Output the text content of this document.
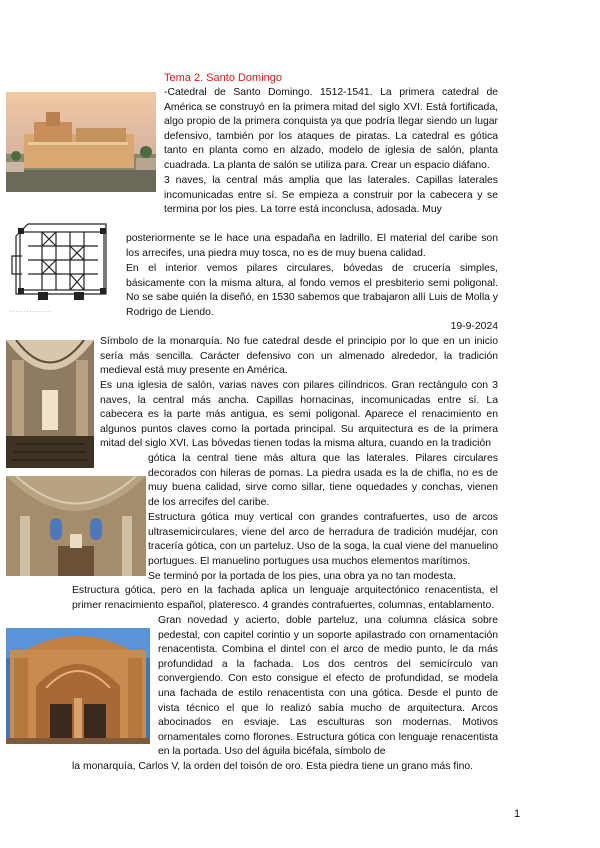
. . . . . . . . . . . . . . .

Tema 2. Santo Domingo

-Catedral de Santo Domingo. 1512-1541. La primera catedral de América se construyó en la primera mitad del siglo XVI. Está fortificada, algo propio de la primera conquista ya que podría llegar siendo un lugar defensivo, también por los ataques de piratas. La catedral es gótica tanto en planta como en alzado, modelo de iglesia de salón, planta cuadrada. La planta de salón se utiliza para. Crear un espacio diáfano.

3 naves, la central más amplia que las laterales. Capillas laterales incomunicadas entre sí. Se empieza a construir por la cabecera y se termina por los pies. La torre está inconclusa, adosada. Muy

posteriormente se le hace una espadaña en ladrillo. El material del caribe son los arrecifes, una piedra muy tosca, no es de muy buena calidad.

En el interior vemos pilares circulares, bóvedas de crucería simples, básicamente con la misma altura, al fondo vemos el presbiterio semi poligonal. No se sabe quién la diseñó, en 1530 sabemos que trabajaron allí Luis de Molla y Rodrigo de Liendo.

19-9-2024

Símbolo de la monarquía. No fue catedral desde el principio por lo que en un inicio sería más sencilla. Carácter defensivo con un almenado alrededor, la tradición medieval está muy presente en América.

Es una iglesia de salón, varias naves con pilares cilíndricos. Gran rectángulo con 3 naves, la central más ancha. Capillas hornacinas, incomunicadas entre sí. La cabecera es la parte más antigua, es semi poligonal. Aparece el renacimiento en algunos puntos claves como la portada principal. Su arquitectura es de la primera mitad del siglo XVI. Las bóvedas tienen todas la misma altura, cuando en la tradición

gótica la central tiene más altura que las laterales. Pilares circulares decorados con hileras de pomas. La piedra usada es la de chifla, no es de muy buena calidad, sirve como sillar, tiene oquedades y conchas, vienen de los arrecifes del caribe.

Estructura gótica muy vertical con grandes contrafuertes, uso de arcos ultrasemicirculares, viene del arco de herradura de tradición mudéjar, con tracería gótica, con un parteluz. Uso de la soga, la cual viene del manuelino portugues. El manuelino portugues usa muchos elementos marítimos.

Se terminó por la portada de los pies, una obra ya no tan modesta.

Estructura gótica, pero en la fachada aplica un lenguaje arquitectónico renacentista, el primer renacimiento español, plateresco. 4 grandes contrafuertes, columnas, entablamento.

Gran novedad y acierto, doble parteluz, una columna clásica sobre pedestal, con capitel corintio y un soporte apilastrado con ornamentación renacentista. Combina el dintel con el arco de medio punto, le da más profundidad a la fachada. Los dos centros del semicírculo van convergiendo. Con esto consigue el efecto de profundidad, se modela una fachada de estilo renacentista con una gótica. Desde el punto de vista técnico el que lo realizó sabía mucho de arquitectura. Arcos abocinados en esviaje. Las esculturas son modernas. Motivos ornamentales como florones. Estructura gótica con lenguaje renacentista en la portada. Uso del águila bicéfala, símbolo de

la monarquía, Carlos V, la orden del toisón de oro. Esta piedra tiene un grano más fino.

1
